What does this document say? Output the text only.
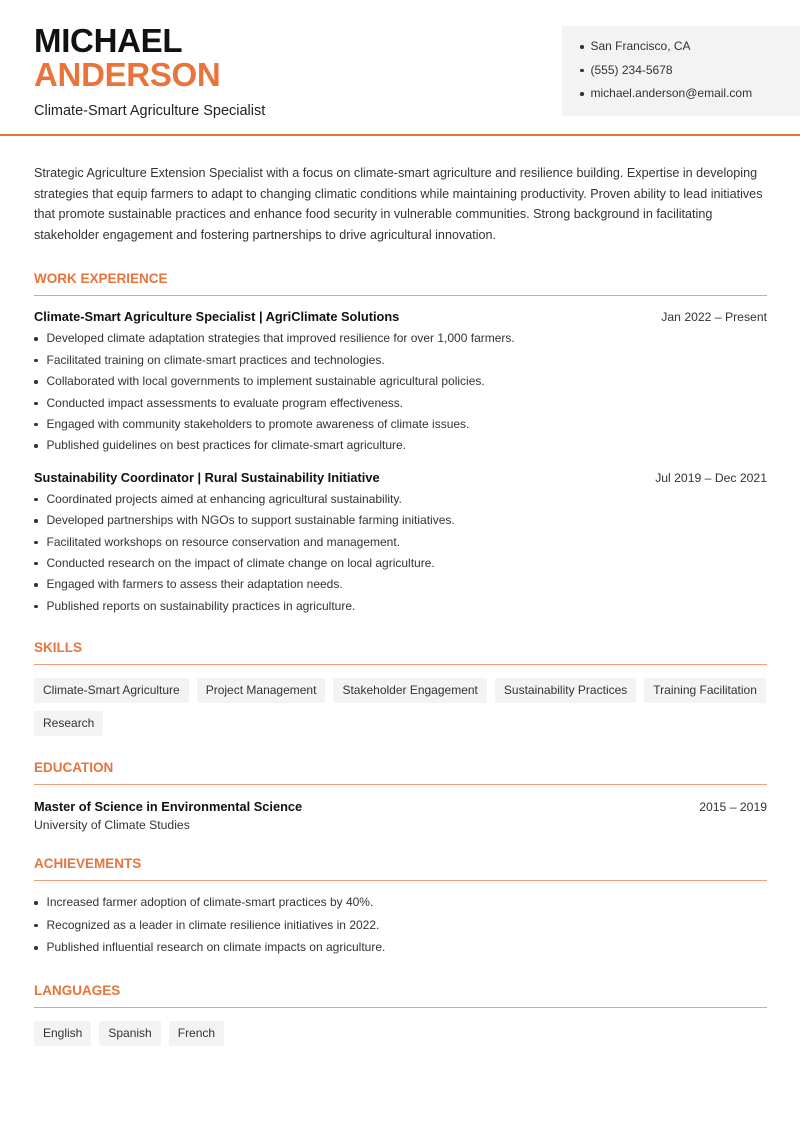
MICHAEL
ANDERSON
Climate-Smart Agriculture Specialist
San Francisco, CA
(555) 234-5678
michael.anderson@email.com

Strategic Agriculture Extension Specialist with a focus on climate-smart agriculture and resilience building. Expertise in developing strategies that equip farmers to adapt to changing climatic conditions while maintaining productivity. Proven ability to lead initiatives that promote sustainable practices and enhance food security in vulnerable communities. Strong background in facilitating stakeholder engagement and fostering partnerships to drive agricultural innovation.

WORK EXPERIENCE
Climate-Smart Agriculture Specialist | AgriClimate Solutions	Jan 2022 – Present
Developed climate adaptation strategies that improved resilience for over 1,000 farmers.
Facilitated training on climate-smart practices and technologies.
Collaborated with local governments to implement sustainable agricultural policies.
Conducted impact assessments to evaluate program effectiveness.
Engaged with community stakeholders to promote awareness of climate issues.
Published guidelines on best practices for climate-smart agriculture.
Sustainability Coordinator | Rural Sustainability Initiative	Jul 2019 – Dec 2021
Coordinated projects aimed at enhancing agricultural sustainability.
Developed partnerships with NGOs to support sustainable farming initiatives.
Facilitated workshops on resource conservation and management.
Conducted research on the impact of climate change on local agriculture.
Engaged with farmers to assess their adaptation needs.
Published reports on sustainability practices in agriculture.
SKILLS
Climate-Smart Agriculture	Project Management	Stakeholder Engagement	Sustainability Practices	Training Facilitation
Research
EDUCATION
Master of Science in Environmental Science	2015 – 2019
University of Climate Studies
ACHIEVEMENTS
Increased farmer adoption of climate-smart practices by 40%.
Recognized as a leader in climate resilience initiatives in 2022.
Published influential research on climate impacts on agriculture.
LANGUAGES
English	Spanish	French
